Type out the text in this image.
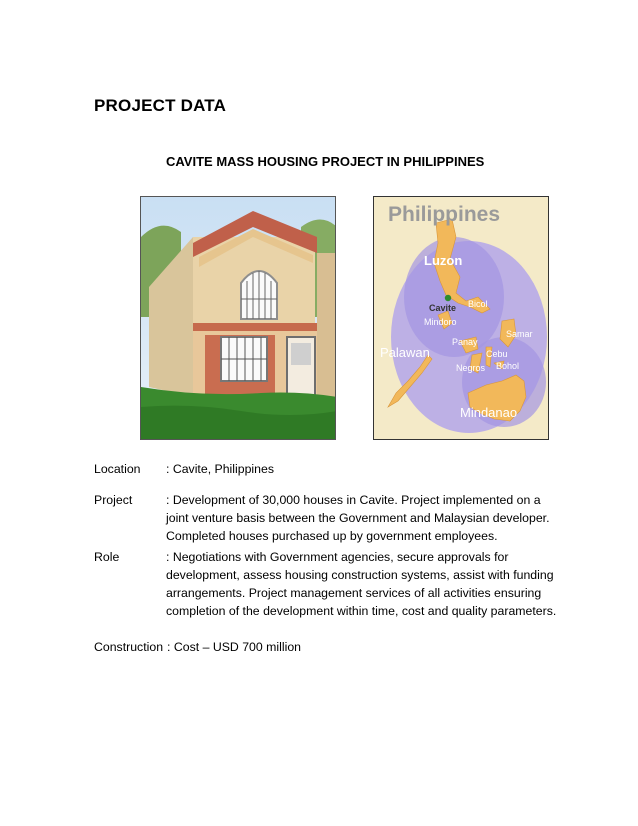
PROJECT DATA
CAVITE MASS HOUSING PROJECT IN PHILIPPINES
Philippines
Luzon
Bicol
Cavite
Mindoro
Samar
Panay
Palawan	Cebu
Bohol
Negros
Mindanao
Location	: Cavite, Philippines
Project	: Development of 30,000 houses in Cavite. Project implemented on a joint venture basis between the Government and Malaysian developer. Completed houses purchased up by government employees.
Role	: Negotiations with Government agencies, secure approvals for development, assess housing construction systems, assist with funding arrangements. Project management services of all activities ensuring completion of the development within time, cost and quality parameters.
Construction : Cost – USD 700 million
